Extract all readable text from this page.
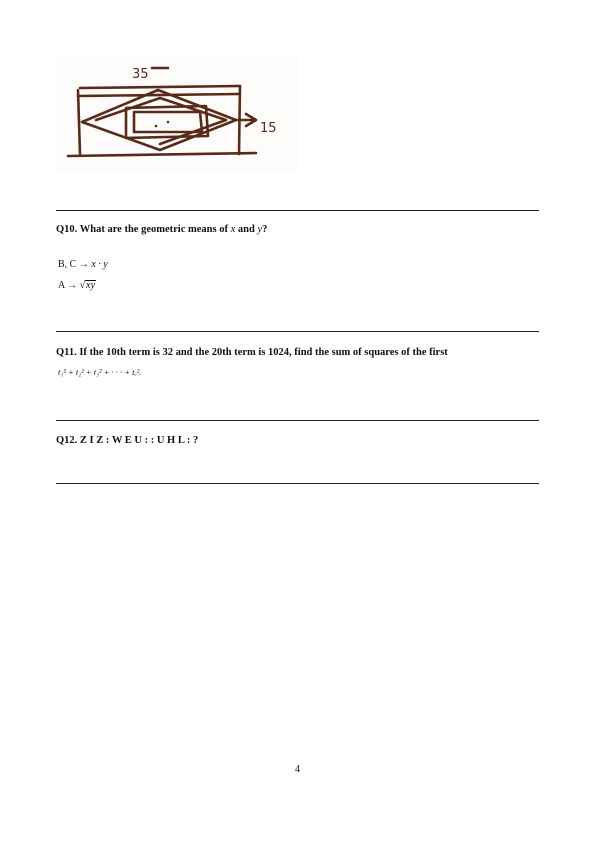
35
15
Q10. What are the geometric means of x and y?
B, C → x · y
A → √xy
Q11. If the 10th term is 32 and the 20th term is 1024, find the sum of squares of the first
t₁² + t₂² + t₃² + · · · + tₑ².
Q12. Z I Z : W E U : : U H L : ?
4
